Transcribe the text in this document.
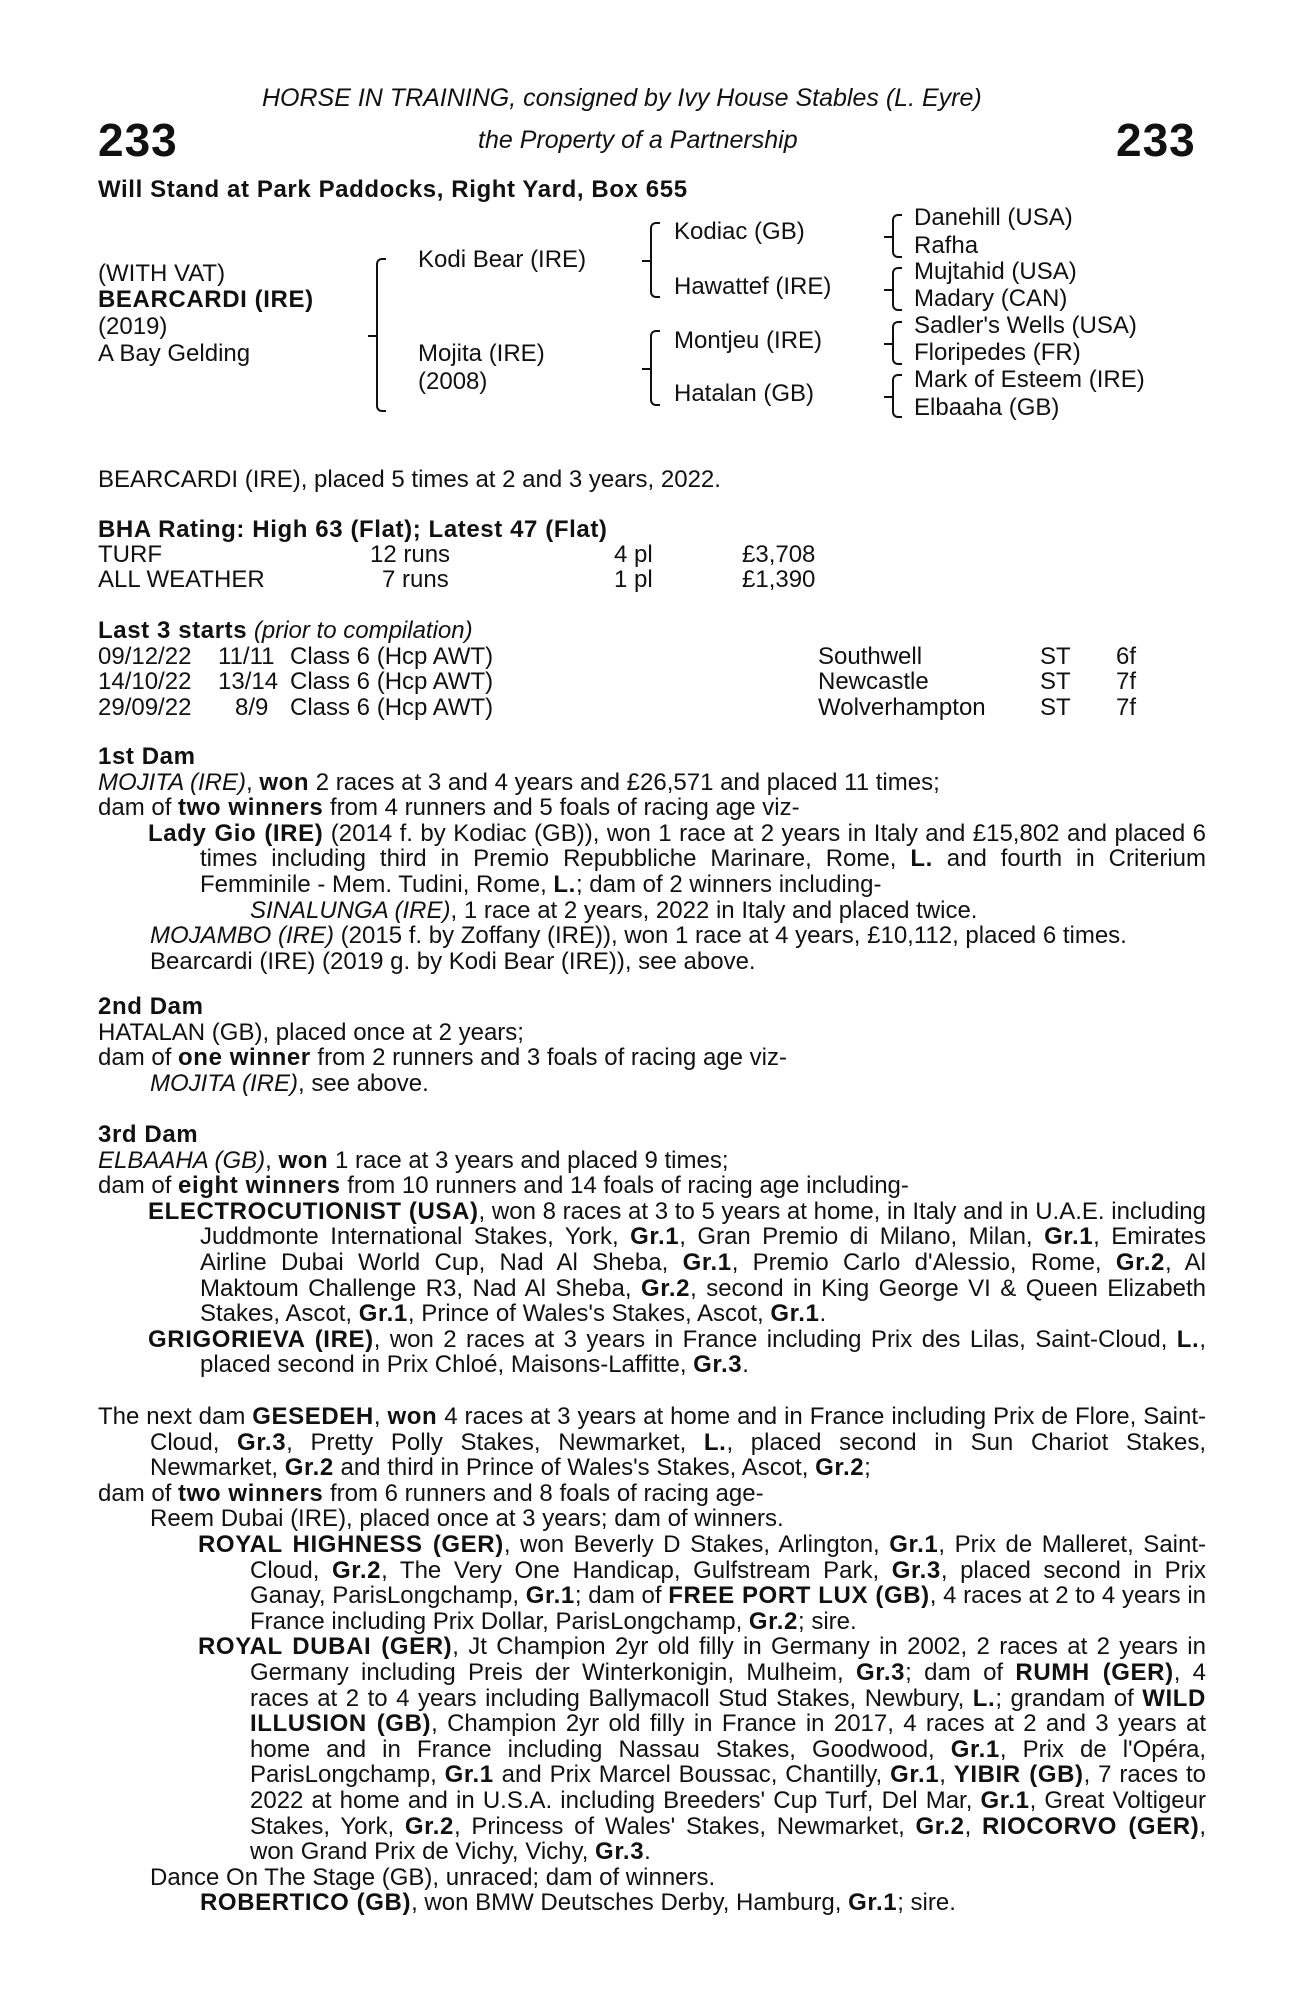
HORSE IN TRAINING, consigned by Ivy House Stables (L. Eyre)
233	the Property of a Partnership	233
Will Stand at Park Paddocks, Right Yard, Box 655
(WITH VAT)
BEARCARDI (IRE)
(2019)
A Bay Gelding
Kodi Bear (IRE)
Mojita (IRE)
(2008)
Kodiac (GB)
Hawattef (IRE)
Montjeu (IRE)
Hatalan (GB)
Danehill (USA)
Rafha
Mujtahid (USA)
Madary (CAN)
Sadler's Wells (USA)
Floripedes (FR)
Mark of Esteem (IRE)
Elbaaha (GB)
BEARCARDI (IRE), placed 5 times at 2 and 3 years, 2022.
BHA Rating: High 63 (Flat); Latest 47 (Flat)
TURF	12 runs	4 pl	£3,708
ALL WEATHER	7 runs	1 pl	£1,390
Last 3 starts (prior to compilation)
09/12/22 11/11 Class 6 (Hcp AWT)	Southwell	ST 6f
14/10/22 13/14 Class 6 (Hcp AWT)	Newcastle	ST 7f
29/09/22 8/9 Class 6 (Hcp AWT)	Wolverhampton ST 7f
1st Dam

MOJITA (IRE), won 2 races at 3 and 4 years and £26,571 and placed 11 times;

dam of two winners from 4 runners and 5 foals of racing age viz-

Lady Gio (IRE) (2014 f. by Kodiac (GB)), won 1 race at 2 years in Italy and £15,802 and placed 6 times including third in Premio Repubbliche Marinare, Rome, L. and fourth in Criterium Femminile - Mem. Tudini, Rome, L.; dam of 2 winners including-

SINALUNGA (IRE), 1 race at 2 years, 2022 in Italy and placed twice.

MOJAMBO (IRE) (2015 f. by Zoffany (IRE)), won 1 race at 4 years, £10,112, placed 6 times.

Bearcardi (IRE) (2019 g. by Kodi Bear (IRE)), see above.

2nd Dam

HATALAN (GB), placed once at 2 years;

dam of one winner from 2 runners and 3 foals of racing age viz-

MOJITA (IRE), see above.

3rd Dam

ELBAAHA (GB), won 1 race at 3 years and placed 9 times;

dam of eight winners from 10 runners and 14 foals of racing age including-

ELECTROCUTIONIST (USA), won 8 races at 3 to 5 years at home, in Italy and in U.A.E. including Juddmonte International Stakes, York, Gr.1, Gran Premio di Milano, Milan, Gr.1, Emirates Airline Dubai World Cup, Nad Al Sheba, Gr.1, Premio Carlo d'Alessio, Rome, Gr.2, Al Maktoum Challenge R3, Nad Al Sheba, Gr.2, second in King George VI & Queen Elizabeth Stakes, Ascot, Gr.1, Prince of Wales's Stakes, Ascot, Gr.1.

GRIGORIEVA (IRE), won 2 races at 3 years in France including Prix des Lilas, Saint-Cloud, L., placed second in Prix Chloé, Maisons-Laffitte, Gr.3.

The next dam GESEDEH, won 4 races at 3 years at home and in France including Prix de Flore, Saint-Cloud, Gr.3, Pretty Polly Stakes, Newmarket, L., placed second in Sun Chariot Stakes, Newmarket, Gr.2 and third in Prince of Wales's Stakes, Ascot, Gr.2;

dam of two winners from 6 runners and 8 foals of racing age-

Reem Dubai (IRE), placed once at 3 years; dam of winners.

ROYAL HIGHNESS (GER), won Beverly D Stakes, Arlington, Gr.1, Prix de Malleret, Saint-Cloud, Gr.2, The Very One Handicap, Gulfstream Park, Gr.3, placed second in Prix Ganay, ParisLongchamp, Gr.1; dam of FREE PORT LUX (GB), 4 races at 2 to 4 years in France including Prix Dollar, ParisLongchamp, Gr.2; sire.

ROYAL DUBAI (GER), Jt Champion 2yr old filly in Germany in 2002, 2 races at 2 years in Germany including Preis der Winterkonigin, Mulheim, Gr.3; dam of RUMH (GER), 4 races at 2 to 4 years including Ballymacoll Stud Stakes, Newbury, L.; grandam of WILD ILLUSION (GB), Champion 2yr old filly in France in 2017, 4 races at 2 and 3 years at home and in France including Nassau Stakes, Goodwood, Gr.1, Prix de l'Opéra, ParisLongchamp, Gr.1 and Prix Marcel Boussac, Chantilly, Gr.1, YIBIR (GB), 7 races to 2022 at home and in U.S.A. including Breeders' Cup Turf, Del Mar, Gr.1, Great Voltigeur Stakes, York, Gr.2, Princess of Wales' Stakes, Newmarket, Gr.2, RIOCORVO (GER), won Grand Prix de Vichy, Vichy, Gr.3.

Dance On The Stage (GB), unraced; dam of winners.

ROBERTICO (GB), won BMW Deutsches Derby, Hamburg, Gr.1; sire.
